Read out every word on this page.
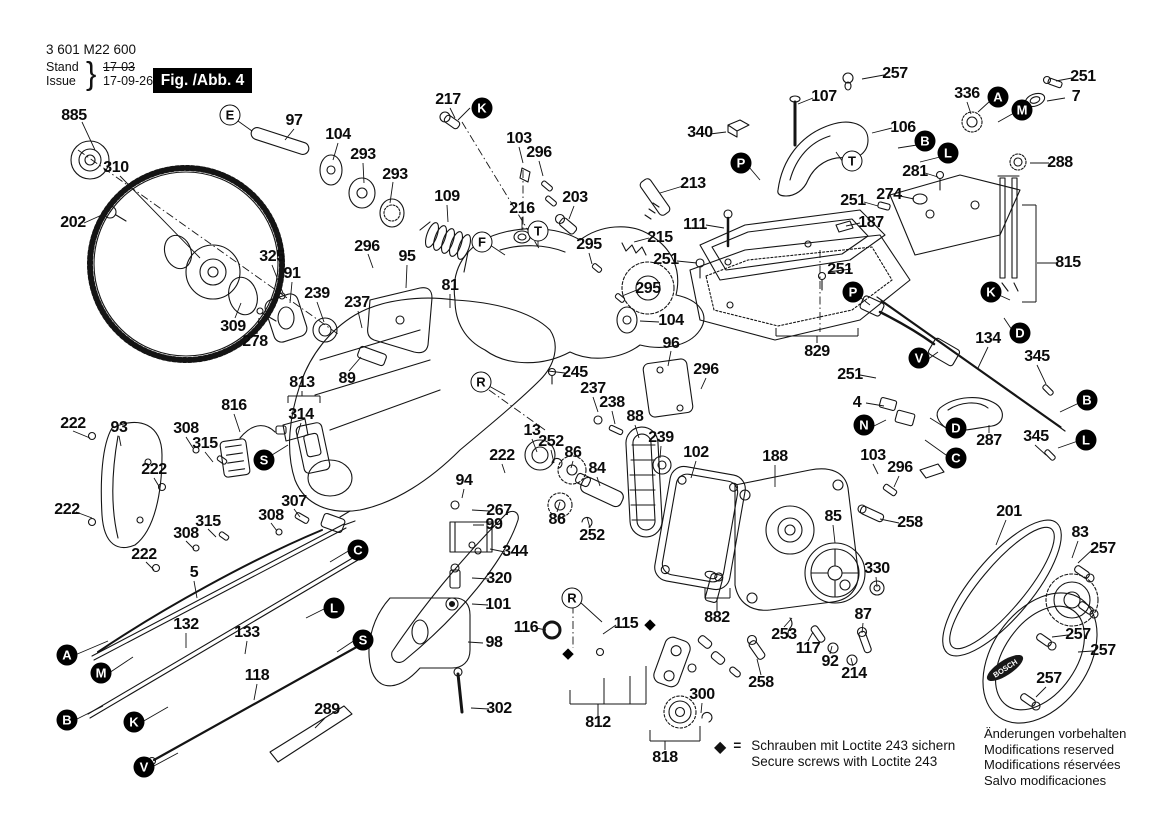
BOSCH
3 601 M22 600
Stand
Issue } 17-03
17-09-26 Fig. /Abb. 4
◆ = Schrauben mit Loctite 243 sichern
Secure screws with Loctite 243
Änderungen vorbehalten
Modifications reserved
Modifications réservées
Salvo modificaciones
885
310
202
97
104
293
293
217
109
296
95
81
325
91
239
309
278
237
89
813
816
314
222 93	308
315
222
222	307
308
315
308
222
5
132 133
118
289
103
296
216
203
295
213
215
295
340
111
251
104
96
296
257
107
106
336
251
7
288
281
274
251
187
251
829
815
134
345
345
287
251
4
103
296
258
245
237
238
88
239
102	188
13
252
86
84
222
94
86
252
267
99
344
320
101
98
302
116	115
85
330
87
882
253
117
92
214
258
300
818
812
201
83
257
257
257
257
E
F
T
T
R
R
K
P
B
L
A
M
P
V
K
D
B
L
N	D
C
S
C
L
S
A
M
B	K
V
◆
◆
